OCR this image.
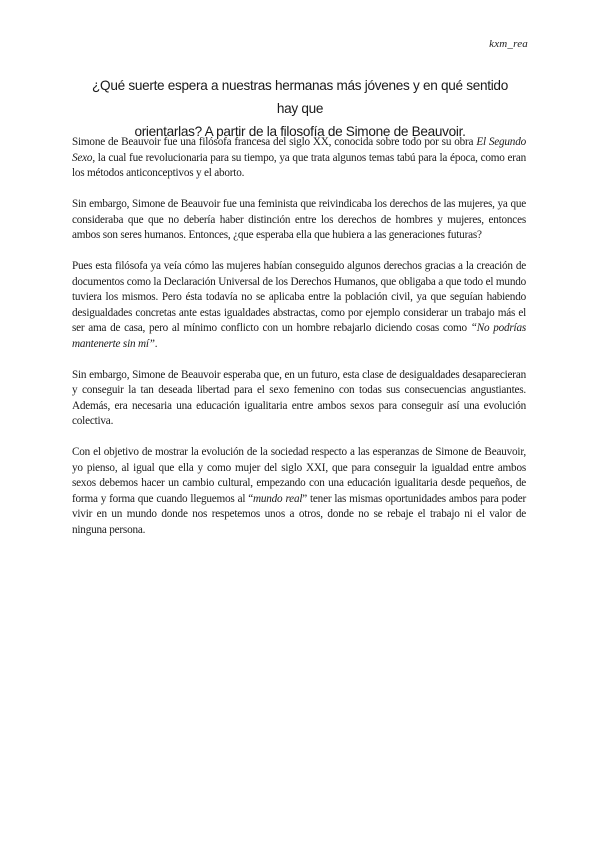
kxm_rea
¿Qué suerte espera a nuestras hermanas más jóvenes y en qué sentido hay que
orientarlas? A partir de la filosofía de Simone de Beauvoir.

Simone de Beauvoir fue una filósofa francesa del siglo XX, conocida sobre todo por su obra El Segundo Sexo, la cual fue revolucionaria para su tiempo, ya que trata algunos temas tabú para la época, como eran los métodos anticonceptivos y el aborto.

Sin embargo, Simone de Beauvoir fue una feminista que reivindicaba los derechos de las mujeres, ya que consideraba que que no debería haber distinción entre los derechos de hombres y mujeres, entonces ambos son seres humanos. Entonces, ¿que esperaba ella que hubiera a las generaciones futuras?

Pues esta filósofa ya veía cómo las mujeres habían conseguido algunos derechos gracias a la creación de documentos como la Declaración Universal de los Derechos Humanos, que obligaba a que todo el mundo tuviera los mismos. Pero ésta todavía no se aplicaba entre la población civil, ya que seguían habiendo desigualdades concretas ante estas igualdades abstractas, como por ejemplo considerar un trabajo más el ser ama de casa, pero al mínimo conflicto con un hombre rebajarlo diciendo cosas como “No podrías mantenerte sin mí”.

Sin embargo, Simone de Beauvoir esperaba que, en un futuro, esta clase de desigualdades desaparecieran y conseguir la tan deseada libertad para el sexo femenino con todas sus consecuencias angustiantes. Además, era necesaria una educación igualitaria entre ambos sexos para conseguir así una evolución colectiva.

Con el objetivo de mostrar la evolución de la sociedad respecto a las esperanzas de Simone de Beauvoir, yo pienso, al igual que ella y como mujer del siglo XXI, que para conseguir la igualdad entre ambos sexos debemos hacer un cambio cultural, empezando con una educación igualitaria desde pequeños, de forma y forma que cuando lleguemos al “mundo real” tener las mismas oportunidades ambos para poder vivir en un mundo donde nos respetemos unos a otros, donde no se rebaje el trabajo ni el valor de ninguna persona.
